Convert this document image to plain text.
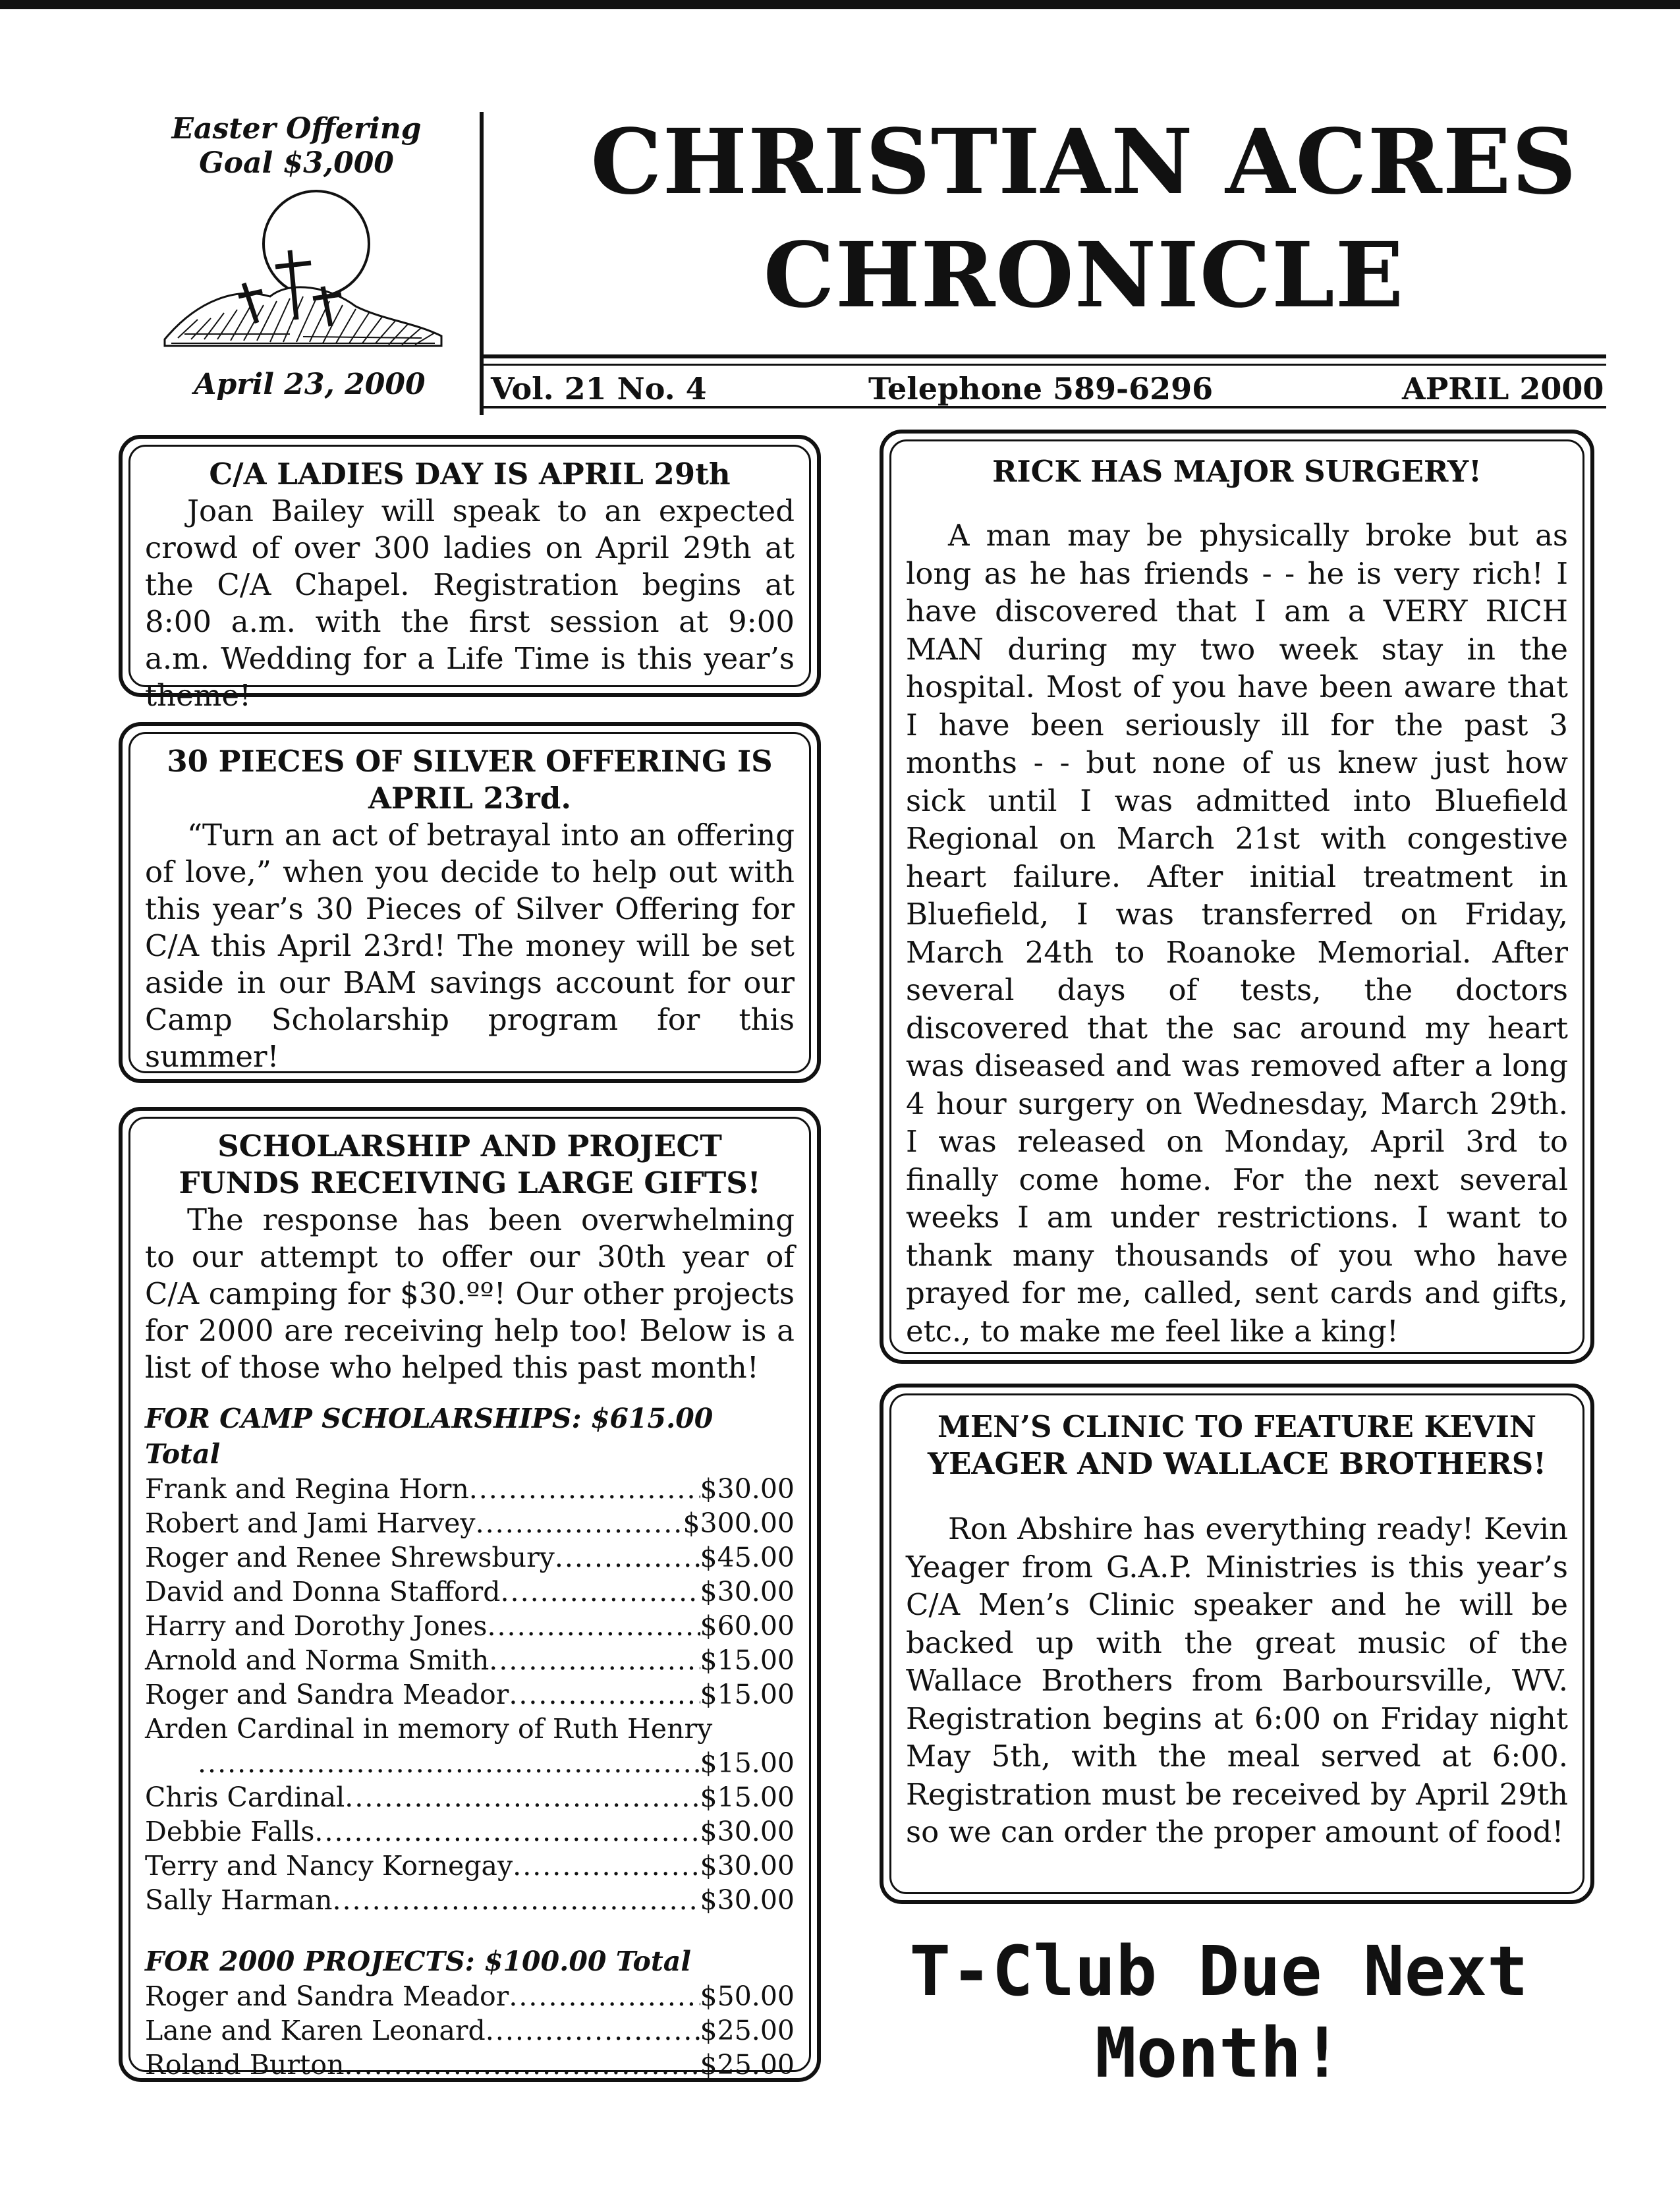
Easter Offering
Goal $3,000
April 23, 2000
CHRISTIAN ACRES
CHRONICLE
Vol. 21 No. 4	Telephone 589-6296	APRIL 2000
C/A LADIES DAY IS APRIL 29th
Joan Bailey will speak to an expected crowd of over 300 ladies on April 29th at the C/A Chapel. Registration begins at 8:00 a.m. with the first session at 9:00 a.m. Wedding for a Life Time is this year’s theme!
30 PIECES OF SILVER OFFERING IS APRIL 23rd.
“Turn an act of betrayal into an offering of love,” when you decide to help out with this year’s 30 Pieces of Silver Offering for C/A this April 23rd! The money will be set aside in our BAM savings account for our Camp Scholarship program for this summer!
SCHOLARSHIP AND PROJECT
FUNDS RECEIVING LARGE GIFTS!
The response has been overwhelming to our attempt to offer our 30th year of C/A camping for $30.ºº! Our other projects for 2000 are receiving help too! Below is a list of those who helped this past month!
FOR CAMP SCHOLARSHIPS: $615.00 Total
Frank and Regina Horn .....	$30.00
Robert and Jami Harvey .....	$300.00
Roger and Renee Shrewsbury .....	$45.00
David and Donna Stafford .....	$30.00
Harry and Dorothy Jones .....	$60.00
Arnold and Norma Smith .....	$15.00
Roger and Sandra Meador .....	$15.00
Arden Cardinal in memory of Ruth Henry
.....
$15.00
Chris Cardinal .....	$15.00
Debbie Falls .....	$30.00
Terry and Nancy Kornegay .....	$30.00
Sally Harman .....	$30.00
FOR 2000 PROJECTS: $100.00 Total
Roger and Sandra Meador .....	$50.00
Lane and Karen Leonard .....	$25.00
Roland Burton .....	$25.00
RICK HAS MAJOR SURGERY!
A man may be physically broke but as long as he has friends - - he is very rich! I have discovered that I am a VERY RICH MAN during my two week stay in the hospital. Most of you have been aware that I have been seriously ill for the past 3 months - - but none of us knew just how sick until I was admitted into Bluefield Regional on March 21st with congestive heart failure. After initial treatment in Bluefield, I was transferred on Friday, March 24th to Roanoke Memorial. After several days of tests, the doctors discovered that the sac around my heart was diseased and was removed after a long 4 hour surgery on Wednesday, March 29th. I was released on Monday, April 3rd to finally come home. For the next several weeks I am under restrictions. I want to thank many thousands of you who have prayed for me, called, sent cards and gifts, etc., to make me feel like a king!
MEN’S CLINIC TO FEATURE KEVIN YEAGER AND WALLACE BROTHERS!
Ron Abshire has everything ready! Kevin Yeager from G.A.P. Ministries is this year’s C/A Men’s Clinic speaker and he will be backed up with the great music of the Wallace Brothers from Barboursville, WV. Registration begins at 6:00 on Friday night May 5th, with the meal served at 6:00. Registration must be received by April 29th so we can order the proper amount of food!
T-Club Due Next
Month!
